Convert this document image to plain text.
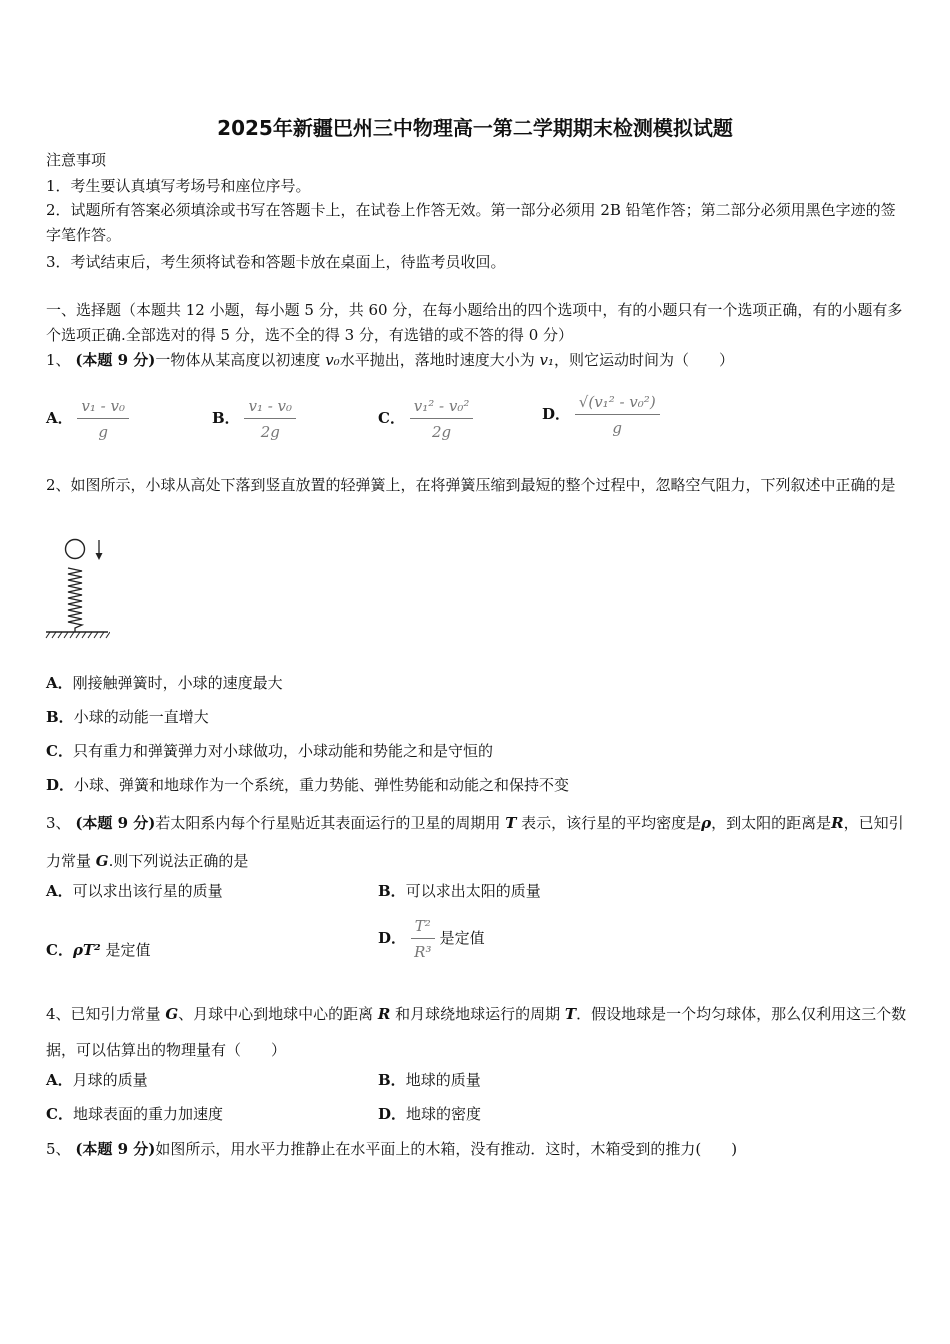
2025年新疆巴州三中物理高一第二学期期末检测模拟试题
注意事项
1．考生要认真填写考场号和座位序号。
2．试题所有答案必须填涂或书写在答题卡上，在试卷上作答无效。第一部分必须用 2B 铅笔作答；第二部分必须用黑色字迹的签字笔作答。
3．考试结束后，考生须将试卷和答题卡放在桌面上，待监考员收回。
一、选择题（本题共 12 小题，每小题 5 分，共 60 分，在每小题给出的四个选项中，有的小题只有一个选项正确，有的小题有多个选项正确.全部选对的得 5 分，选不全的得 3 分，有选错的或不答的得 0 分）
1、 (本题 9 分)一物体从某高度以初速度 v₀水平抛出，落地时速度大小为 v₁，则它运动时间为（　　）
A． $\frac{\text{v₁ - v₀}}{g}$	B． $\frac{\text{v₁ - v₀}}{2g}$	C． $\frac{\text{v₁² - v₀²}}{2g}$	D． $\frac{\text{√(v₁² - v₀²)}}{g}$
2、如图所示，小球从高处下落到竖直放置的轻弹簧上，在将弹簧压缩到最短的整个过程中，忽略空气阻力，下列叙述中正确的是
A．刚接触弹簧时，小球的速度最大
B．小球的动能一直增大
C．只有重力和弹簧弹力对小球做功，小球动能和势能之和是守恒的
D．小球、弹簧和地球作为一个系统，重力势能、弹性势能和动能之和保持不变
3、 (本题 9 分)若太阳系内每个行星贴近其表面运行的卫星的周期用 T 表示，该行星的平均密度是ρ，到太阳的距离是R，已知引力常量 G.则下列说法正确的是
A．可以求出该行星的质量	B．可以求出太阳的质量
C．ρT² 是定值
D． $\frac{\text{T²}}{\text{R³}}$ 是定值
4、已知引力常量 G、月球中心到地球中心的距离 R 和月球绕地球运行的周期 T．假设地球是一个均匀球体，那么仅利用这三个数据，可以估算出的物理量有（　　）
A．月球的质量	B．地球的质量
C．地球表面的重力加速度	D．地球的密度
5、 (本题 9 分)如图所示，用水平力推静止在水平面上的木箱，没有推动．这时，木箱受到的推力(　　)
